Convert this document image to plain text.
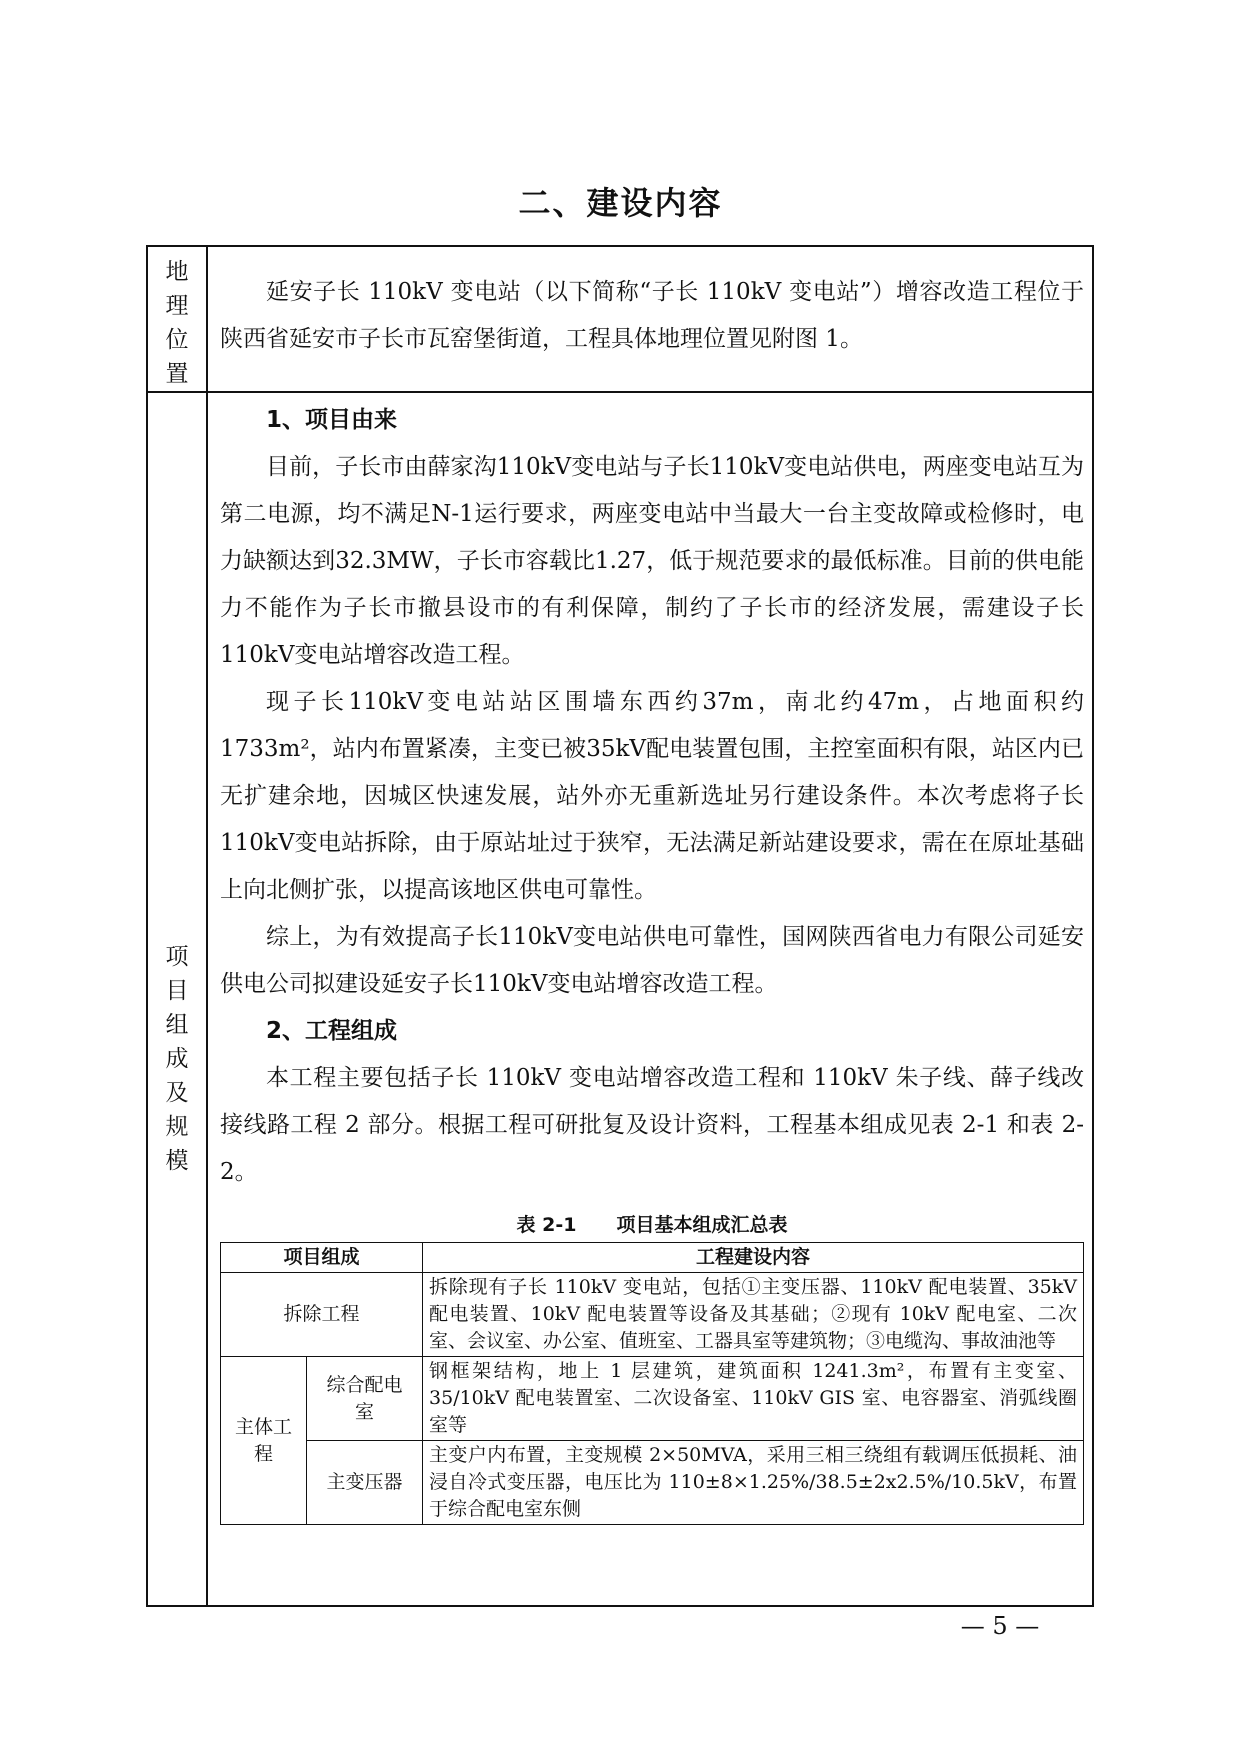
二、建设内容
地
理
位
置

延安子长 110kV 变电站（以下简称“子长 110kV 变电站”）增容改造工程位于陕西省延安市子长市瓦窑堡街道，工程具体地理位置见附图 1。

项
目
组
成
及
规
模

1、项目由来

目前，子长市由薛家沟110kV变电站与子长110kV变电站供电，两座变电站互为第二电源，均不满足N-1运行要求，两座变电站中当最大一台主变故障或检修时，电力缺额达到32.3MW，子长市容载比1.27，低于规范要求的最低标准。目前的供电能力不能作为子长市撤县设市的有利保障，制约了子长市的经济发展，需建设子长110kV变电站增容改造工程。

现子长110kV变电站站区围墙东西约37m，南北约47m，占地面积约1733m²，站内布置紧凑，主变已被35kV配电装置包围，主控室面积有限，站区内已无扩建余地，因城区快速发展，站外亦无重新选址另行建设条件。本次考虑将子长110kV变电站拆除，由于原站址过于狭窄，无法满足新站建设要求，需在在原址基础上向北侧扩张，以提高该地区供电可靠性。

综上，为有效提高子长110kV变电站供电可靠性，国网陕西省电力有限公司延安供电公司拟建设延安子长110kV变电站增容改造工程。

2、工程组成

本工程主要包括子长 110kV 变电站增容改造工程和 110kV 朱子线、薛子线改接线路工程 2 部分。根据工程可研批复及设计资料，工程基本组成见表 2-1 和表 2-2。

表 2-1 项目基本组成汇总表
项目组成	工程建设内容
拆除工程	拆除现有子长 110kV 变电站，包括①主变压器、110kV 配电装置、35kV 配电装置、10kV 配电装置等设备及其基础；②现有 10kV 配电室、二次室、会议室、办公室、值班室、工器具室等建筑物；③电缆沟、事故油池等
主体工程	综合配电室	钢框架结构，地上 1 层建筑，建筑面积 1241.3m²，布置有主变室、35/10kV 配电装置室、二次设备室、110kV GIS 室、电容器室、消弧线圈室等
主变压器	主变户内布置，主变规模 2×50MVA，采用三相三绕组有载调压低损耗、油浸自冷式变压器，电压比为 110±8×1.25%/38.5±2x2.5%/10.5kV，布置于综合配电室东侧
— 5 —
